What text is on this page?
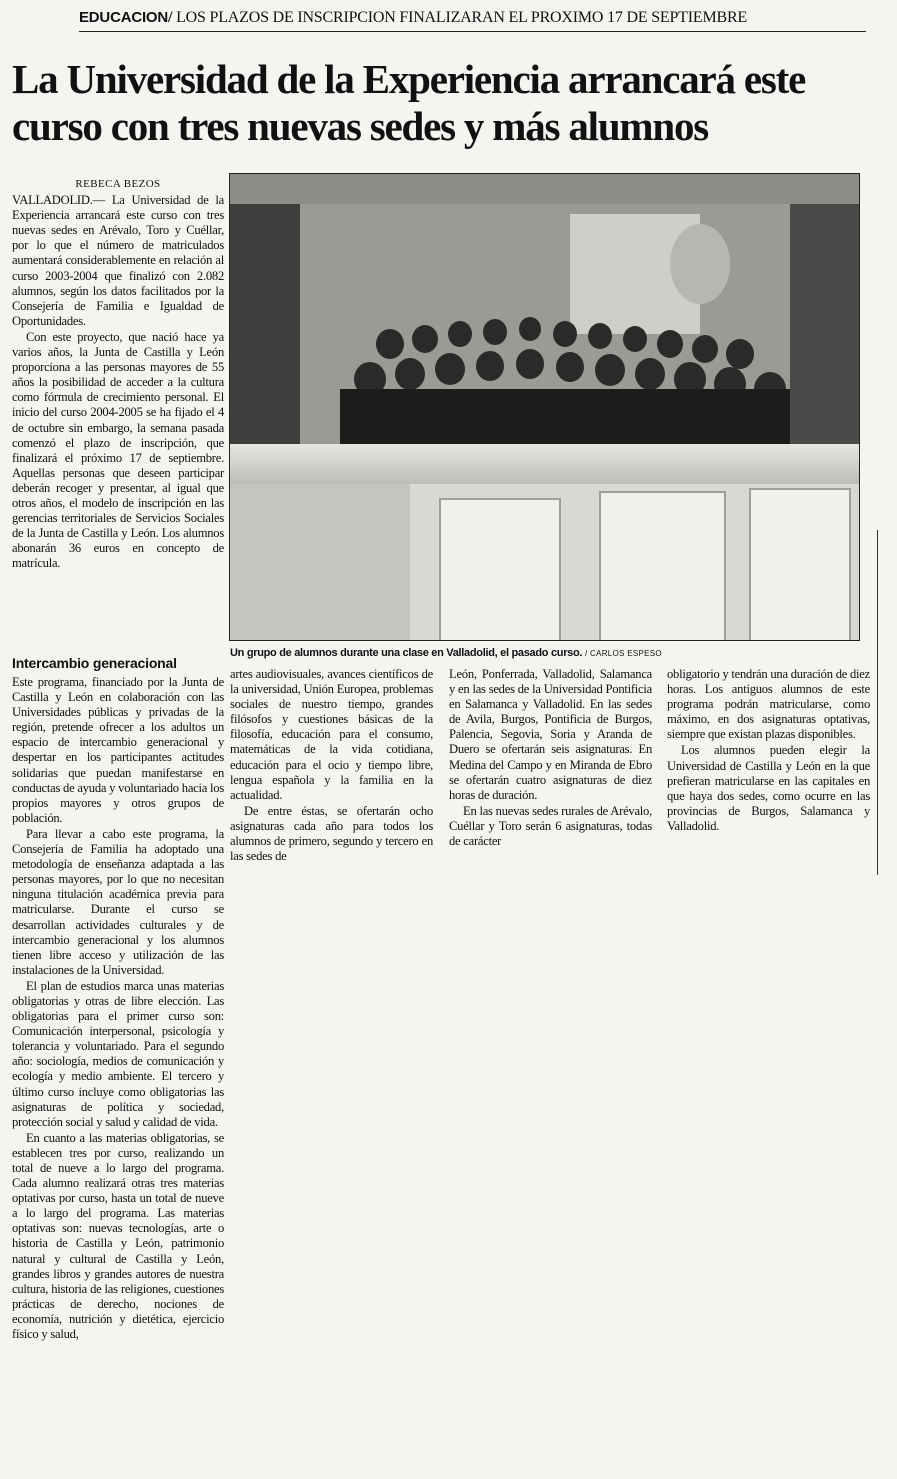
EDUCACION/ LOS PLAZOS DE INSCRIPCION FINALIZARAN EL PROXIMO 17 DE SEPTIEMBRE
La Universidad de la Experiencia arrancará este curso con tres nuevas sedes y más alumnos
REBECA BEZOS

VALLADOLID.— La Universidad de la Experiencia arrancará este curso con tres nuevas sedes en Arévalo, Toro y Cuéllar, por lo que el número de matriculados aumentará considerablemente en relación al curso 2003-2004 que finalizó con 2.082 alumnos, según los datos facilitados por la Consejería de Familia e Igualdad de Oportunidades.

Con este proyecto, que nació hace ya varios años, la Junta de Castilla y León proporciona a las personas mayores de 55 años la posibilidad de acceder a la cultura como fórmula de crecimiento personal. El inicio del curso 2004-2005 se ha fijado el 4 de octubre sin embargo, la semana pasada comenzó el plazo de inscripción, que finalizará el próximo 17 de septiembre. Aquellas personas que deseen participar deberán recoger y presentar, al igual que otros años, el modelo de inscripción en las gerencias territoriales de Servicios Sociales de la Junta de Castilla y León. Los alumnos abonarán 36 euros en concepto de matrícula.

Un grupo de alumnos durante una clase en Valladolid, el pasado curso. / CARLOS ESPESO
Intercambio generacional

Este programa, financiado por la Junta de Castilla y León en colaboración con las Universidades públicas y privadas de la región, pretende ofrecer a los adultos un espacio de intercambio generacional y despertar en los participantes actitudes solidarias que puedan manifestarse en conductas de ayuda y voluntariado hacia los propios mayores y otros grupos de población.

Para llevar a cabo este programa, la Consejería de Familia ha adoptado una metodología de enseñanza adaptada a las personas mayores, por lo que no necesitan ninguna titulación académica previa para matricularse. Durante el curso se desarrollan actividades culturales y de intercambio generacional y los alumnos tienen libre acceso y utilización de las instalaciones de la Universidad.

El plan de estudios marca unas materias obligatorias y otras de libre elección. Las obligatorias para el primer curso son: Comunicación interpersonal, psicología y tolerancia y voluntariado. Para el segundo año: sociología, medios de comunicación y ecología y medio ambiente. El tercero y último curso incluye como obligatorias las asignaturas de política y sociedad, protección social y salud y calidad de vida.

En cuanto a las materias obligatorias, se establecen tres por curso, realizando un total de nueve a lo largo del programa. Cada alumno realizará otras tres materias optativas por curso, hasta un total de nueve a lo largo del programa. Las materias optativas son: nuevas tecnologías, arte o historia de Castilla y León, patrimonio natural y cultural de Castilla y León, grandes libros y grandes autores de nuestra cultura, historia de las religiones, cuestiones prácticas de derecho, nociones de economía, nutrición y dietética, ejercicio físico y salud,

artes audiovisuales, avances científicos de la universidad, Unión Europea, problemas sociales de nuestro tiempo, grandes filósofos y cuestiones básicas de la filosofía, educación para el consumo, matemáticas de la vida cotidiana, educación para el ocio y tiempo libre, lengua española y la familia en la actualidad.

De entre éstas, se ofertarán ocho asignaturas cada año para todos los alumnos de primero, segundo y tercero en las sedes de

León, Ponferrada, Valladolid, Salamanca y en las sedes de la Universidad Pontificia en Salamanca y Valladolid. En las sedes de Avila, Burgos, Pontificia de Burgos, Palencia, Segovia, Soria y Aranda de Duero se ofertarán seis asignaturas. En Medina del Campo y en Miranda de Ebro se ofertarán cuatro asignaturas de diez horas de duración.

En las nuevas sedes rurales de Arévalo, Cuéllar y Toro serán 6 asignaturas, todas de carácter

obligatorio y tendrán una duración de diez horas. Los antiguos alumnos de este programa podrán matricularse, como máximo, en dos asignaturas optativas, siempre que existan plazas disponibles.

Los alumnos pueden elegir la Universidad de Castilla y León en la que prefieran matricularse en las capitales en que haya dos sedes, como ocurre en las provincias de Burgos, Salamanca y Valladolid.
